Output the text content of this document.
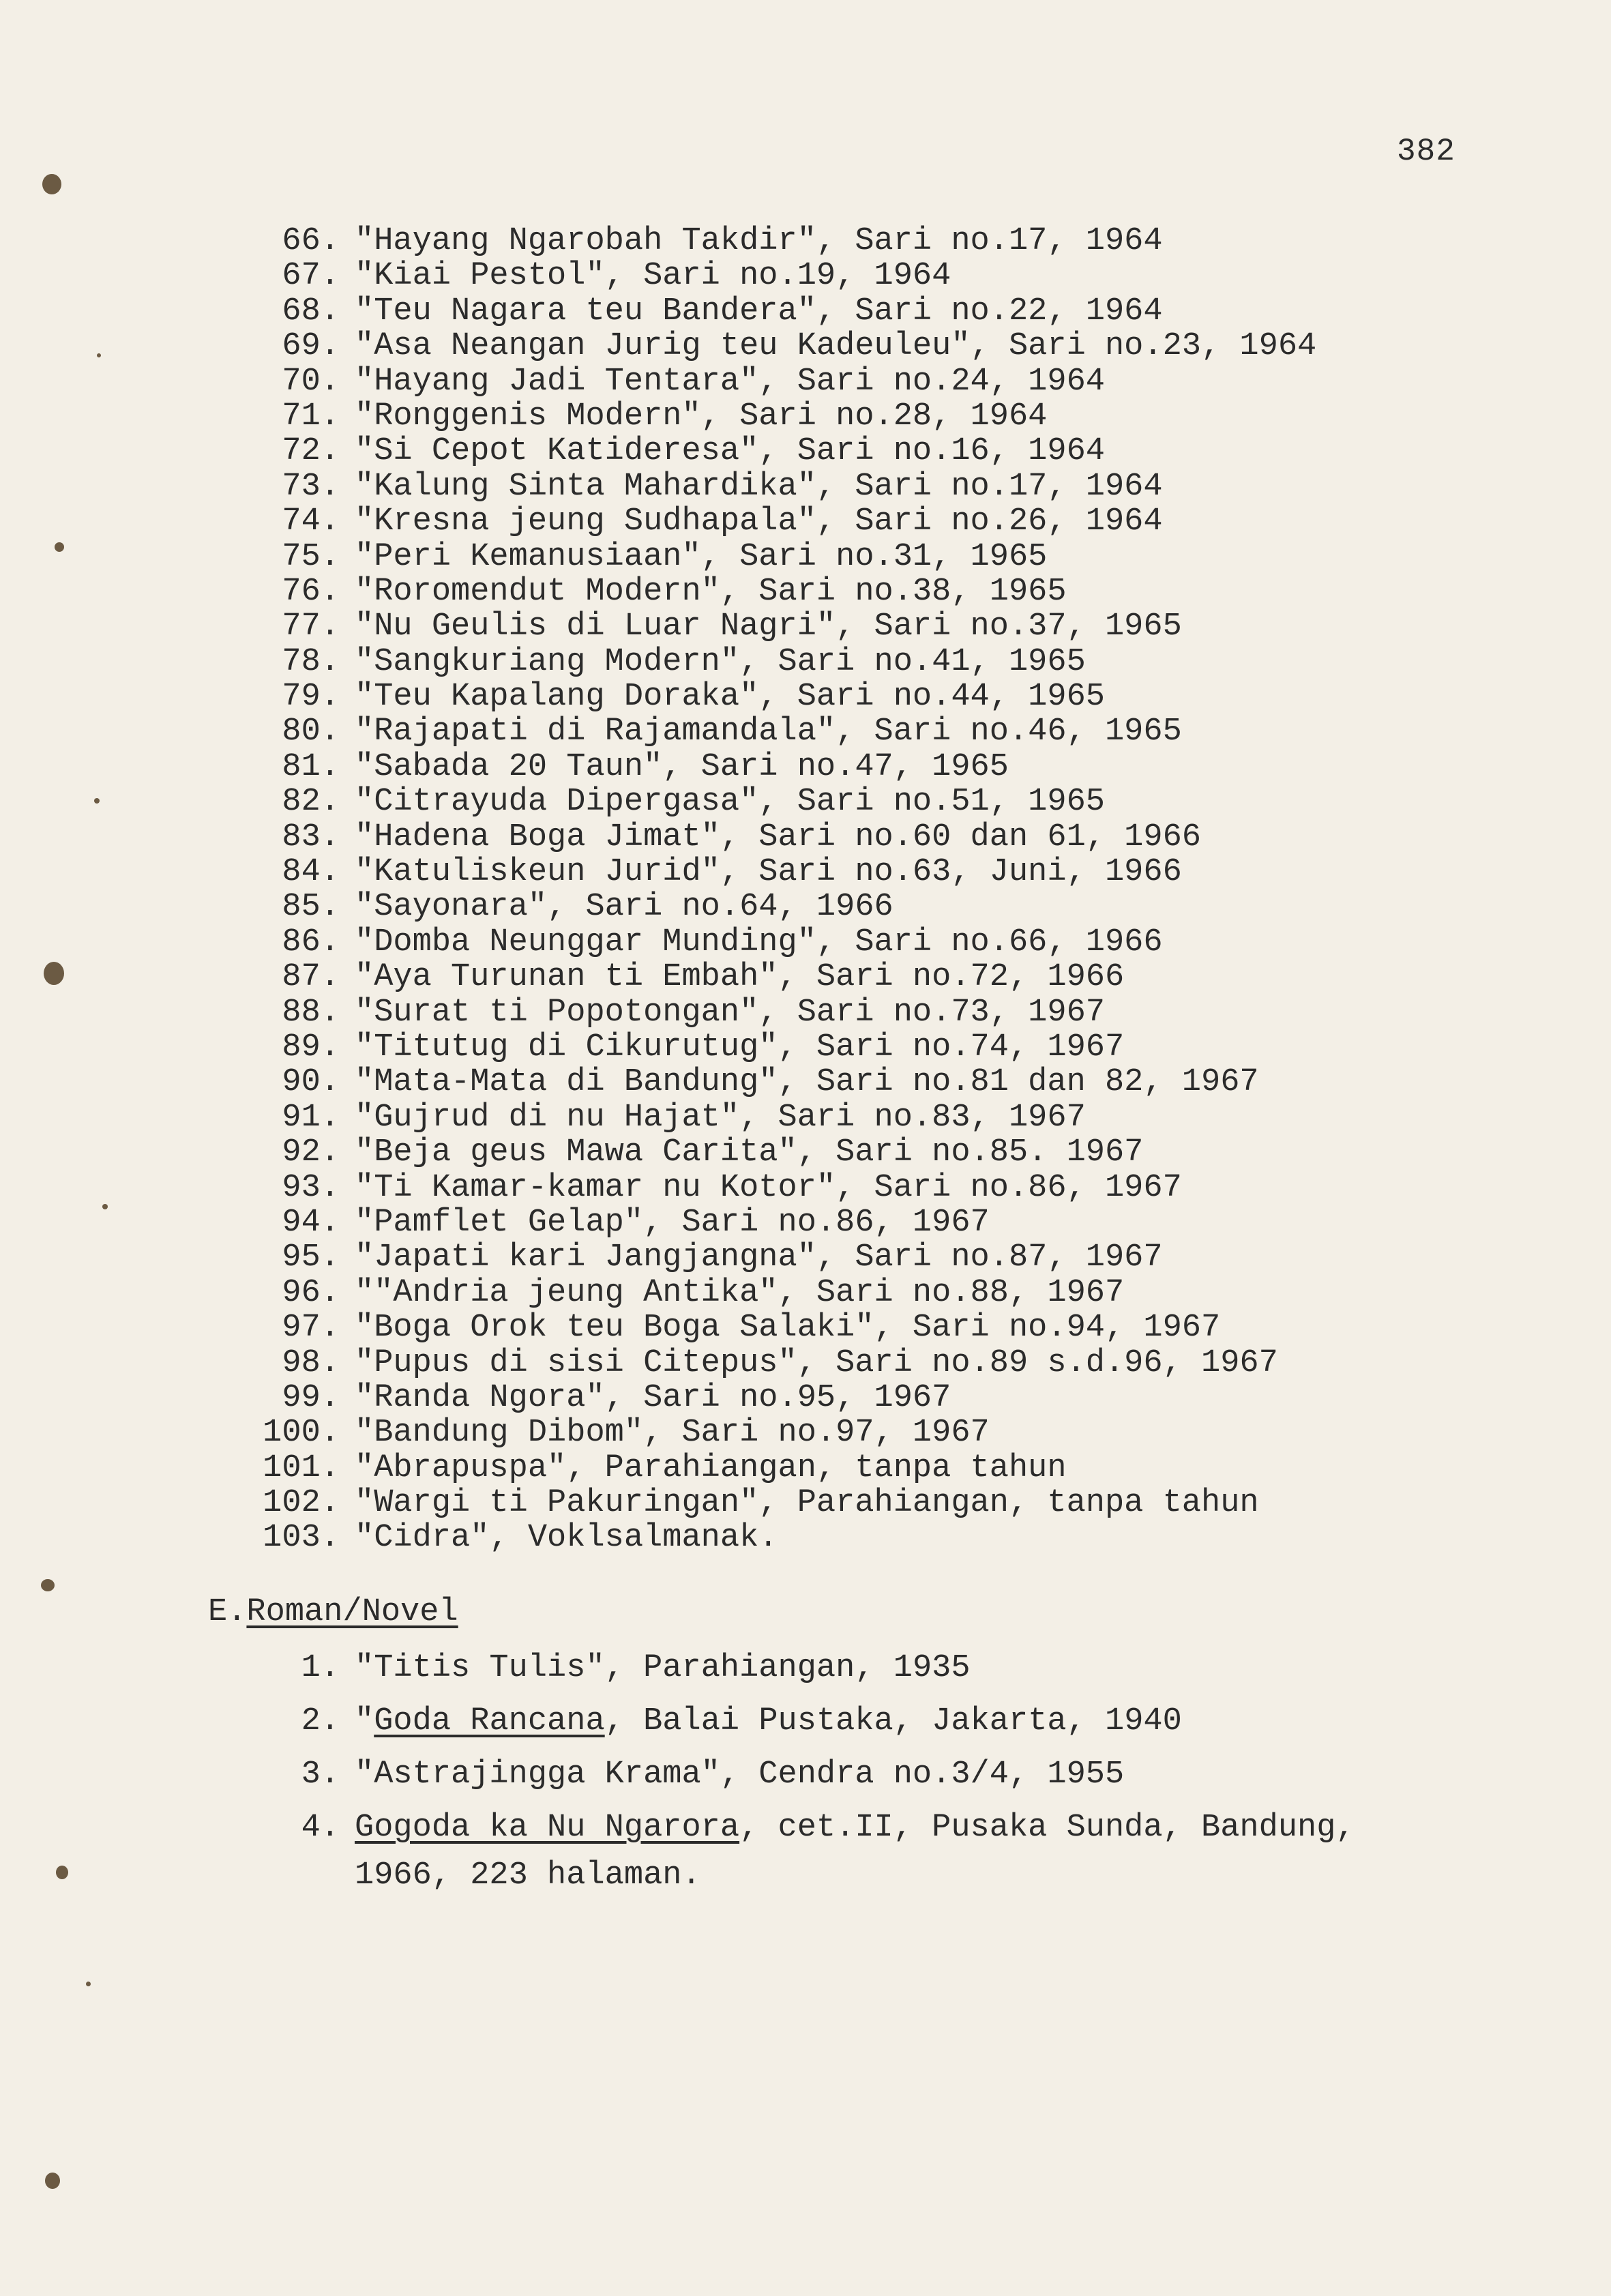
382
66. "Hayang Ngarobah Takdir", Sari no.17, 1964
67. "Kiai Pestol", Sari no.19, 1964
68. "Teu Nagara teu Bandera", Sari no.22, 1964
69. "Asa Neangan Jurig teu Kadeuleu", Sari no.23, 1964
70. "Hayang Jadi Tentara", Sari no.24, 1964
71. "Ronggenis Modern", Sari no.28, 1964
72. "Si Cepot Katideresa", Sari no.16, 1964
73. "Kalung Sinta Mahardika", Sari no.17, 1964
74. "Kresna jeung Sudhapala", Sari no.26, 1964
75. "Peri Kemanusiaan", Sari no.31, 1965
76. "Roromendut Modern", Sari no.38, 1965
77. "Nu Geulis di Luar Nagri", Sari no.37, 1965
78. "Sangkuriang Modern", Sari no.41, 1965
79. "Teu Kapalang Doraka", Sari no.44, 1965
80. "Rajapati di Rajamandala", Sari no.46, 1965
81. "Sabada 20 Taun", Sari no.47, 1965
82. "Citrayuda Dipergasa", Sari no.51, 1965
83. "Hadena Boga Jimat", Sari no.60 dan 61, 1966
84. "Katuliskeun Jurid", Sari no.63, Juni, 1966
85. "Sayonara", Sari no.64, 1966
86. "Domba Neunggar Munding", Sari no.66, 1966
87. "Aya Turunan ti Embah", Sari no.72, 1966
88. "Surat ti Popotongan", Sari no.73, 1967
89. "Titutug di Cikurutug", Sari no.74, 1967
90. "Mata-Mata di Bandung", Sari no.81 dan 82, 1967
91. "Gujrud di nu Hajat", Sari no.83, 1967
92. "Beja geus Mawa Carita", Sari no.85. 1967
93. "Ti Kamar-kamar nu Kotor", Sari no.86, 1967
94. "Pamflet Gelap", Sari no.86, 1967
95. "Japati kari Jangjangna", Sari no.87, 1967
96. ""Andria jeung Antika", Sari no.88, 1967
97. "Boga Orok teu Boga Salaki", Sari no.94, 1967
98. "Pupus di sisi Citepus", Sari no.89 s.d.96, 1967
99. "Randa Ngora", Sari no.95, 1967
100. "Bandung Dibom", Sari no.97, 1967
101. "Abrapuspa", Parahiangan, tanpa tahun
102. "Wargi ti Pakuringan", Parahiangan, tanpa tahun
103. "Cidra", Voklsalmanak.
E.Roman/Novel
1. "Titis Tulis", Parahiangan, 1935
2. "Goda Rancana, Balai Pustaka, Jakarta, 1940
3. "Astrajingga Krama", Cendra no.3/4, 1955
4. Gogoda ka Nu Ngarora, cet.II, Pusaka Sunda, Bandung,
1966, 223 halaman.
